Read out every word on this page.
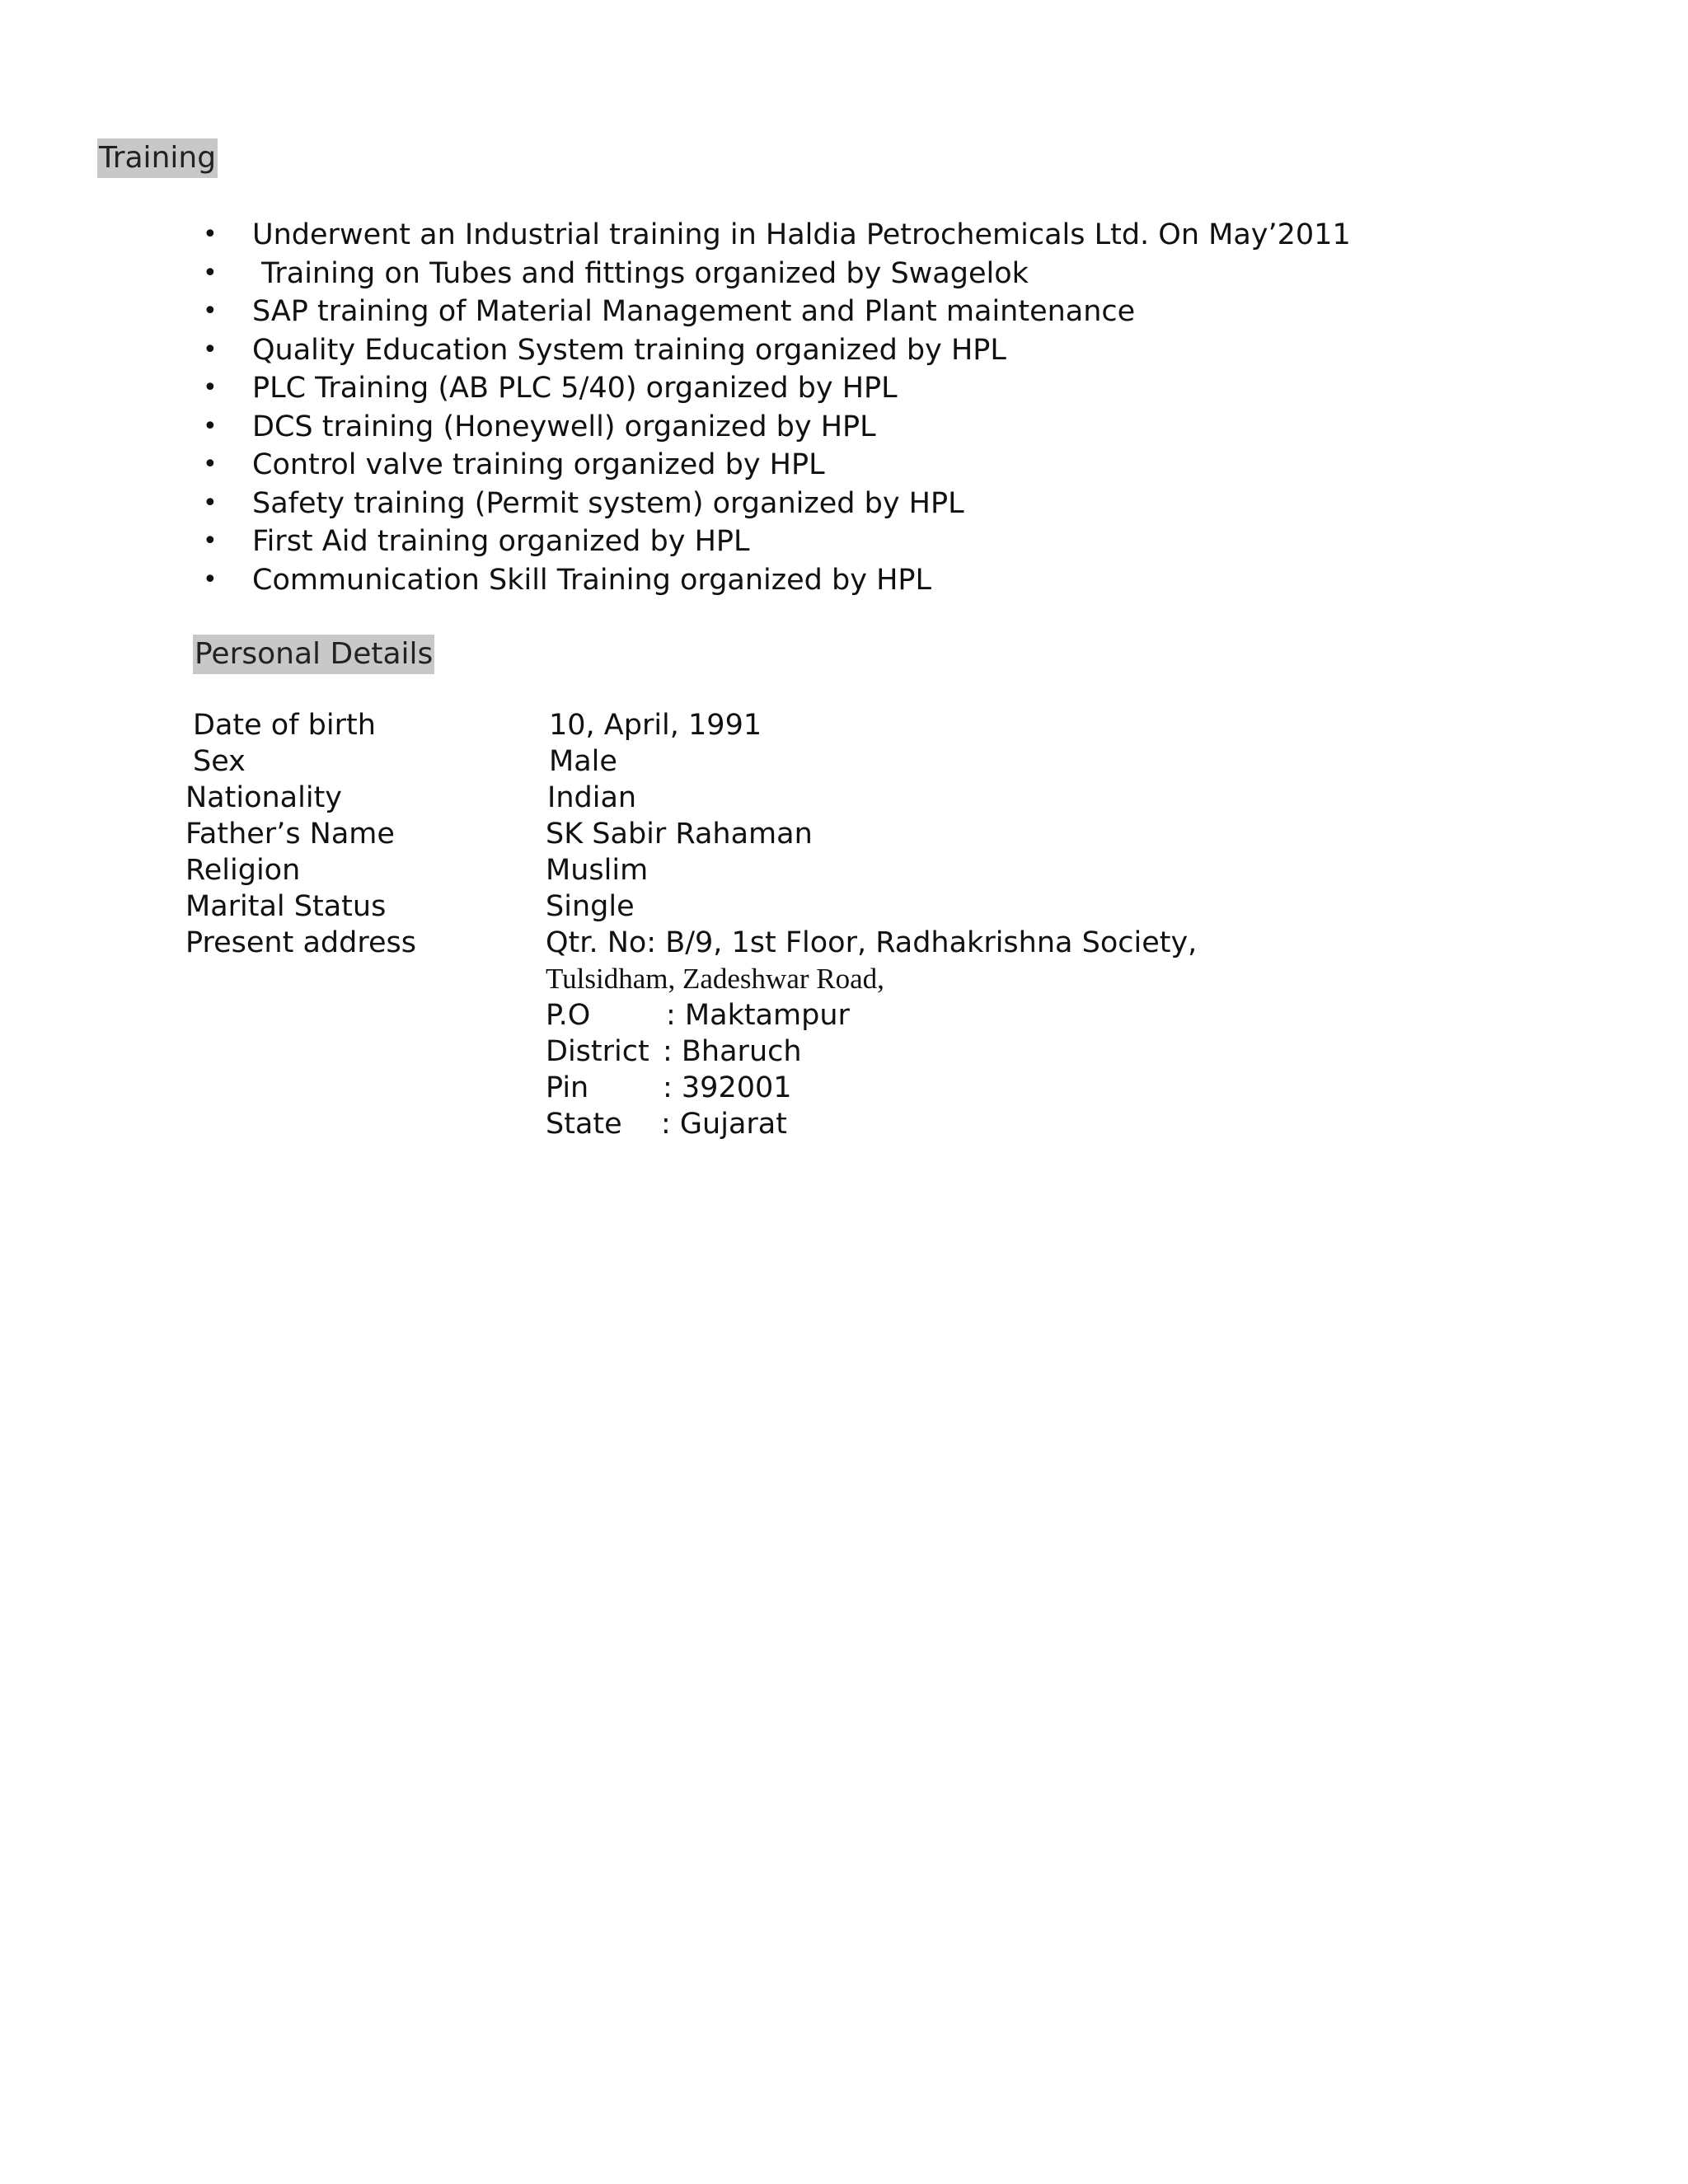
Training
• Underwent an Industrial training in Haldia Petrochemicals Ltd. On May’2011
• Training on Tubes and fittings organized by Swagelok
• SAP training of Material Management and Plant maintenance
• Quality Education System training organized by HPL
• PLC Training (AB PLC 5/40) organized by HPL
• DCS training (Honeywell) organized by HPL
• Control valve training organized by HPL
• Safety training (Permit system) organized by HPL
• First Aid training organized by HPL
• Communication Skill Training organized by HPL
Personal Details
Date of birth	10, April, 1991
Sex	Male
Nationality	Indian
Father’s Name	SK Sabir Rahaman
Religion	Muslim
Marital Status	Single
Present address	Qtr. No: B/9, 1st Floor, Radhakrishna Society,
Tulsidham, Zadeshwar Road,
P.O	: Maktampur
District : Bharuch
Pin	: 392001
State : Gujarat
